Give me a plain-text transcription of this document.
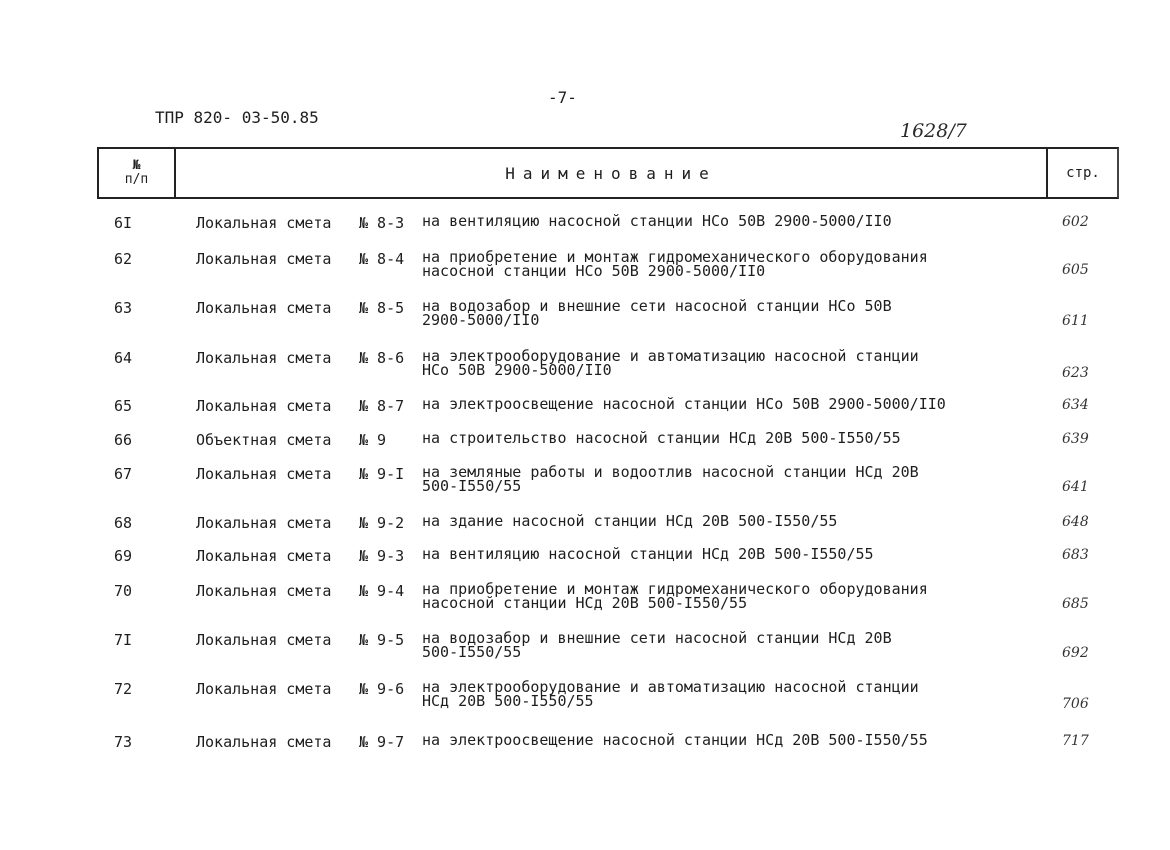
-7-
ТПР 820- 03-50.85
1628/7
№
п/п	Наименование	стр.
6I	Локальная смета № 8-3 на вентиляцию насосной станции НСо 50В 2900-5000/II0	602
62	Локальная смета № 8-4 на приобретение и монтаж гидромеханического оборудования
насосной станции НСо 50В 2900-5000/II0	605
63	Локальная смета № 8-5 на водозабор и внешние сети насосной станции НСо 50В
2900-5000/II0	611
64	Локальная смета № 8-6 на электрооборудование и автоматизацию насосной станции
НСо 50В 2900-5000/II0	623
65	Локальная смета № 8-7 на электроосвещение насосной станции НСо 50В 2900-5000/II0	634
66	Объектная смета № 9 на строительство насосной станции НСд 20В 500-I550/55	639
67	Локальная смета № 9-I на земляные работы и водоотлив насосной станции НСд 20В
500-I550/55	641
68	Локальная смета № 9-2 на здание насосной станции НСд 20В 500-I550/55	648
69	Локальная смета № 9-3 на вентиляцию насосной станции НСд 20В 500-I550/55	683
70	Локальная смета № 9-4 на приобретение и монтаж гидромеханического оборудования
насосной станции НСд 20В 500-I550/55	685
7I	Локальная смета № 9-5 на водозабор и внешние сети насосной станции НСд 20В
500-I550/55	692
72	Локальная смета № 9-6 на электрооборудование и автоматизацию насосной станции
НСд 20В 500-I550/55	706
73	Локальная смета № 9-7 на электроосвещение насосной станции НСд 20В 500-I550/55	717
